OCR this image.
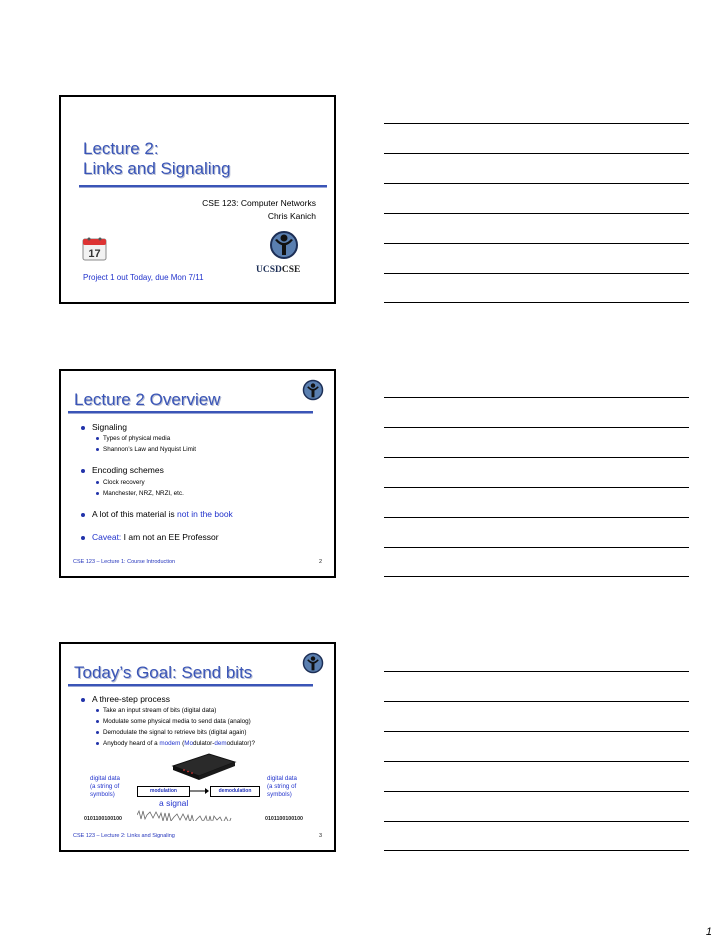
Lecture 2:
Links and Signaling
CSE 123: Computer Networks
Chris Kanich
17
Project 1 out Today, due Mon 7/11
UCSDCSE
Lecture 2 Overview
Signaling
Types of physical media
Shannon’s Law and Nyquist Limit
Encoding schemes
Clock recovery
Manchester, NRZ, NRZI, etc.
A lot of this material is not in the book
Caveat: I am not an EE Professor
CSE 123 – Lecture 1: Course Introduction	2
Today’s Goal: Send bits
A three-step process
Take an input stream of bits (digital data)
Modulate some physical media to send data (analog)
Demodulate the signal to retrieve bits (digital again)
Anybody heard of a modem (Modulator-demodulator)?
digital data
(a string of
symbols)
digital data
(a string of
symbols)
modulation	demodulation
a signal
0101100100100	0101100100100
CSE 123 – Lecture 2: Links and Signaling	3
1
